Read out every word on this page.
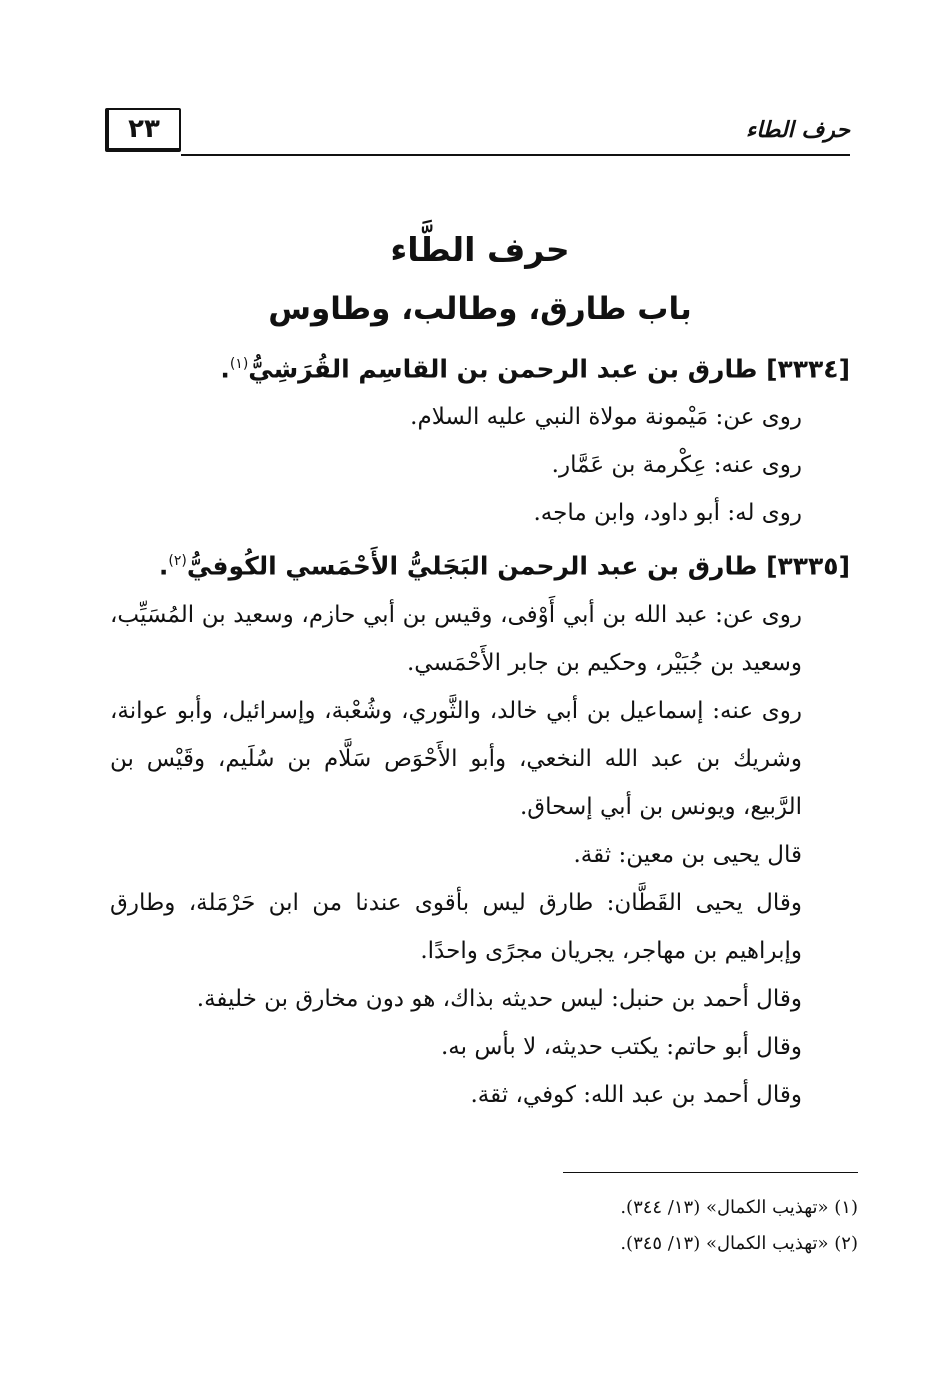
٢٣	حرف الطاء
حرف الطَّاء
باب طارق، وطالب، وطاوس

[٣٣٣٤] طارق بن عبد الرحمن بن القاسِم القُرَشِيُّ$^{(١)}$.

روى عن: مَيْمونة مولاة النبي عليه السلام.

روى عنه: عِكْرمة بن عَمَّار.

روى له: أبو داود، وابن ماجه.

[٣٣٣٥] طارق بن عبد الرحمن البَجَليُّ الأَحْمَسي الكُوفيُّ$^{(٢)}$.

روى عن: عبد الله بن أبي أَوْفى، وقيس بن أبي حازم، وسعيد بن المُسَيِّب، وسعيد بن جُبَيْر، وحكيم بن جابر الأَحْمَسي.

روى عنه: إسماعيل بن أبي خالد، والثَّوري، وشُعْبة، وإسرائيل، وأبو عوانة، وشريك بن عبد الله النخعي، وأبو الأَحْوَص سَلَّام بن سُلَيم، وقَيْس بن الرَّبيع، ويونس بن أبي إسحاق.

قال يحيى بن معين: ثقة.

وقال يحيى القَطَّان: طارق ليس بأقوى عندنا من ابن حَرْمَلة، وطارق وإبراهيم بن مهاجر، يجريان مجرًى واحدًا.

وقال أحمد بن حنبل: ليس حديثه بذاك، هو دون مخارق بن خليفة.

وقال أبو حاتم: يكتب حديثه، لا بأس به.

وقال أحمد بن عبد الله: كوفي، ثقة.

(١) «تهذيب الكمال» (١٣/ ٣٤٤).

(٢) «تهذيب الكمال» (١٣/ ٣٤٥).
